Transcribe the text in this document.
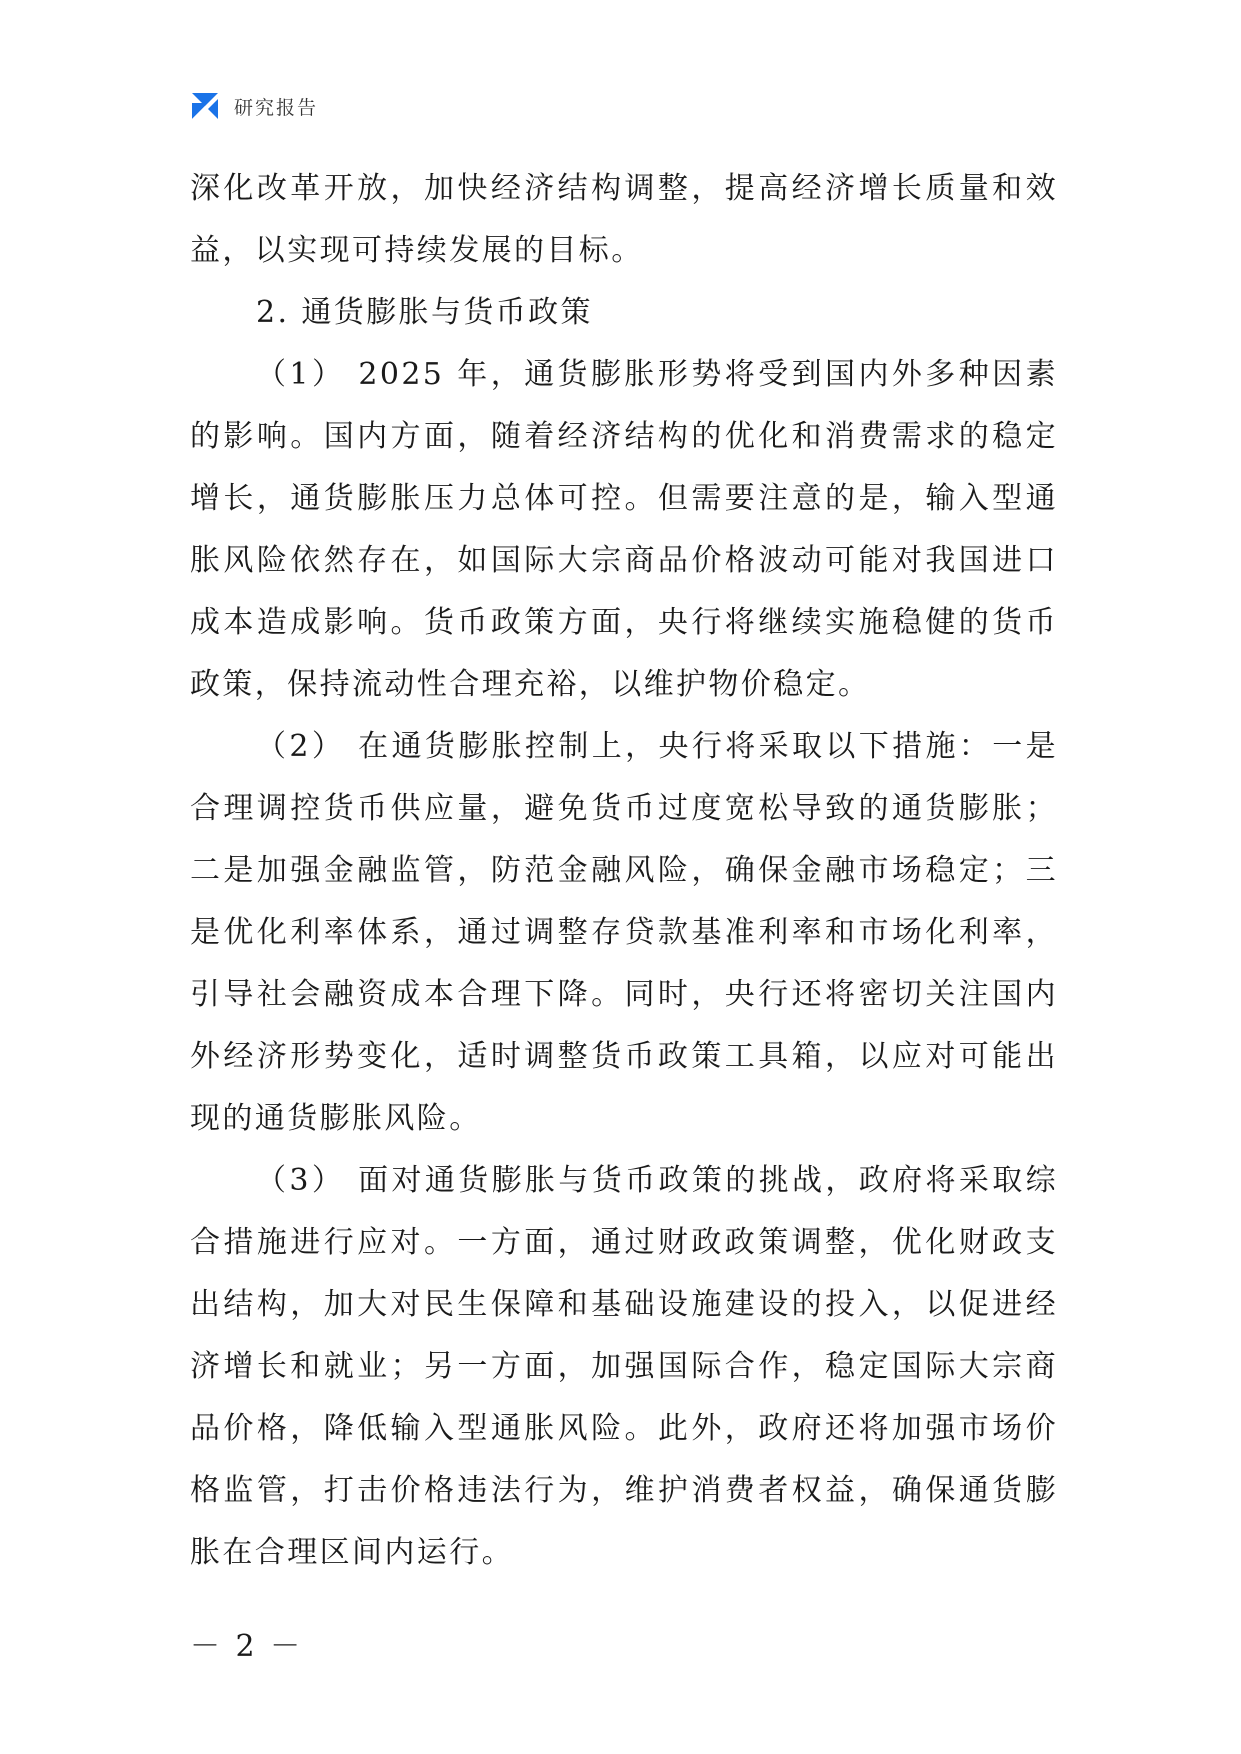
研究报告

深化改革开放，加快经济结构调整，提高经济增长质量和效益，以实现可持续发展的目标。

2. 通货膨胀与货币政策

（1） 2025 年，通货膨胀形势将受到国内外多种因素的影响。国内方面，随着经济结构的优化和消费需求的稳定增长，通货膨胀压力总体可控。但需要注意的是，输入型通胀风险依然存在，如国际大宗商品价格波动可能对我国进口成本造成影响。货币政策方面，央行将继续实施稳健的货币政策，保持流动性合理充裕，以维护物价稳定。

（2） 在通货膨胀控制上，央行将采取以下措施：一是合理调控货币供应量，避免货币过度宽松导致的通货膨胀；二是加强金融监管，防范金融风险，确保金融市场稳定；三是优化利率体系，通过调整存贷款基准利率和市场化利率，引导社会融资成本合理下降。同时，央行还将密切关注国内外经济形势变化，适时调整货币政策工具箱，以应对可能出现的通货膨胀风险。

（3） 面对通货膨胀与货币政策的挑战，政府将采取综合措施进行应对。一方面，通过财政政策调整，优化财政支出结构，加大对民生保障和基础设施建设的投入，以促进经济增长和就业；另一方面，加强国际合作，稳定国际大宗商品价格，降低输入型通胀风险。此外，政府还将加强市场价格监管，打击价格违法行为，维护消费者权益，确保通货膨胀在合理区间内运行。

－ 2 －
